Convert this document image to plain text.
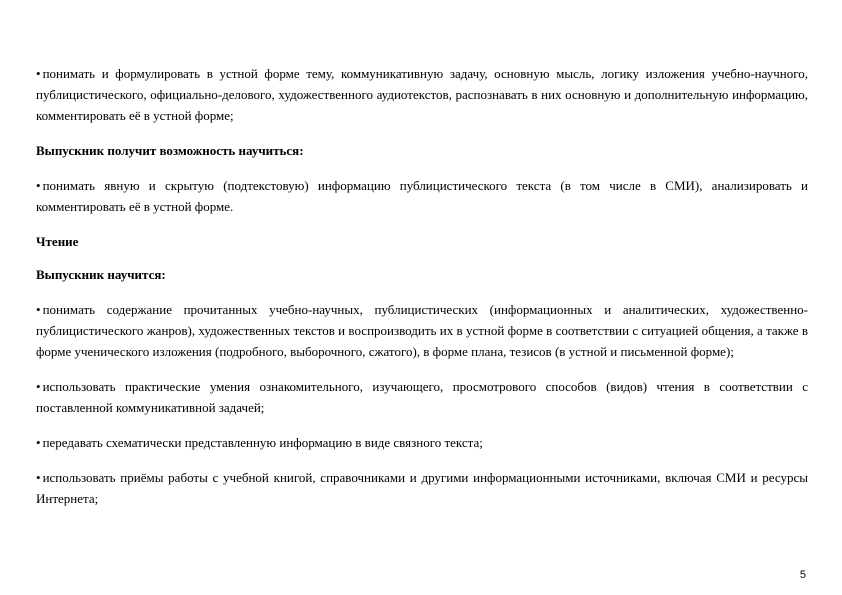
• понимать и формулировать в устной форме тему, коммуникативную задачу, основную мысль, логику изложения учебно-научного, публицистического, официально-делового, художественного аудиотекстов, распознавать в них основную и дополнительную информацию, комментировать её в устной форме;

Выпускник получит возможность научиться:

• понимать явную и скрытую (подтекстовую) информацию публицистического текста (в том числе в СМИ), анализировать и комментировать её в устной форме.

Чтение

Выпускник научится:

• понимать содержание прочитанных учебно-научных, публицистических (информационных и аналитических, художественно-публицистического жанров), художественных текстов и воспроизводить их в устной форме в соответствии с ситуацией общения, а также в форме ученического изложения (подробного, выборочного, сжатого), в форме плана, тезисов (в устной и письменной форме);

• использовать практические умения ознакомительного, изучающего, просмотрового способов (видов) чтения в соответствии с поставленной коммуникативной задачей;

• передавать схематически представленную информацию в виде связного текста;

• использовать приёмы работы с учебной книгой, справочниками и другими информационными источниками, включая СМИ и ресурсы Интернета;

5
